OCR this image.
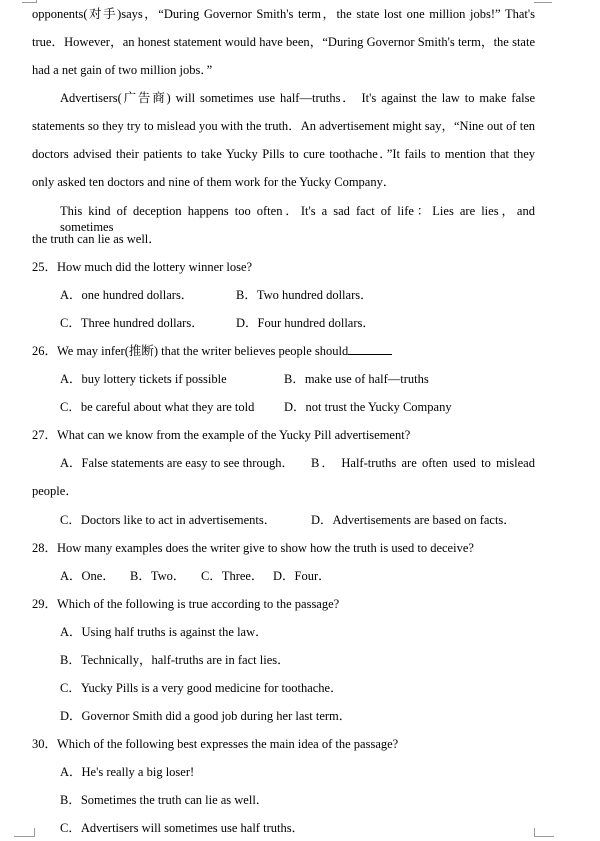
opponents(对手)says，“During Governor Smith's term，the state lost one million jobs!” That's
true．However，an honest statement would have been，“During Governor Smith's term，the state
had a net gain of two million jobs．”
Advertisers(广告商) will sometimes use half—truths． It's against the law to make false
statements so they try to mislead you with the truth．An advertisement might say，“Nine out of ten
doctors advised their patients to take Yucky Pills to cure toothache．”It fails to mention that they
only asked ten doctors and nine of them work for the Yucky Company．
This kind of deception happens too often．It's a sad fact of life：Lies are lies，and sometimes
the truth can lie as well．
25．How much did the lottery winner lose?
A．one hundred dollars．	B．Two hundred dollars．
C．Three hundred dollars．	D．Four hundred dollars．
26．We may infer(推断) that the writer believes people should
A．buy lottery tickets if possible	B．make use of half—truths
C．be careful about what they are told D．not trust the Yucky Company
27．What can we know from the example of the Yucky Pill advertisement?
A．False statements are easy to see through． B． Half-truths are often used to mislead
people．
C．Doctors like to act in advertisements．	D．Advertisements are based on facts．
28．How many examples does the writer give to show how the truth is used to deceive?
A．One． B．Two． C．Three． D．Four．
29．Which of the following is true according to the passage?
A．Using half truths is against the law．
B．Technically，half-truths are in fact lies．
C．Yucky Pills is a very good medicine for toothache．
D．Governor Smith did a good job during her last term．
30．Which of the following best expresses the main idea of the passage?
A．He's really a big loser!
B．Sometimes the truth can lie as well．
C．Advertisers will sometimes use half truths．
